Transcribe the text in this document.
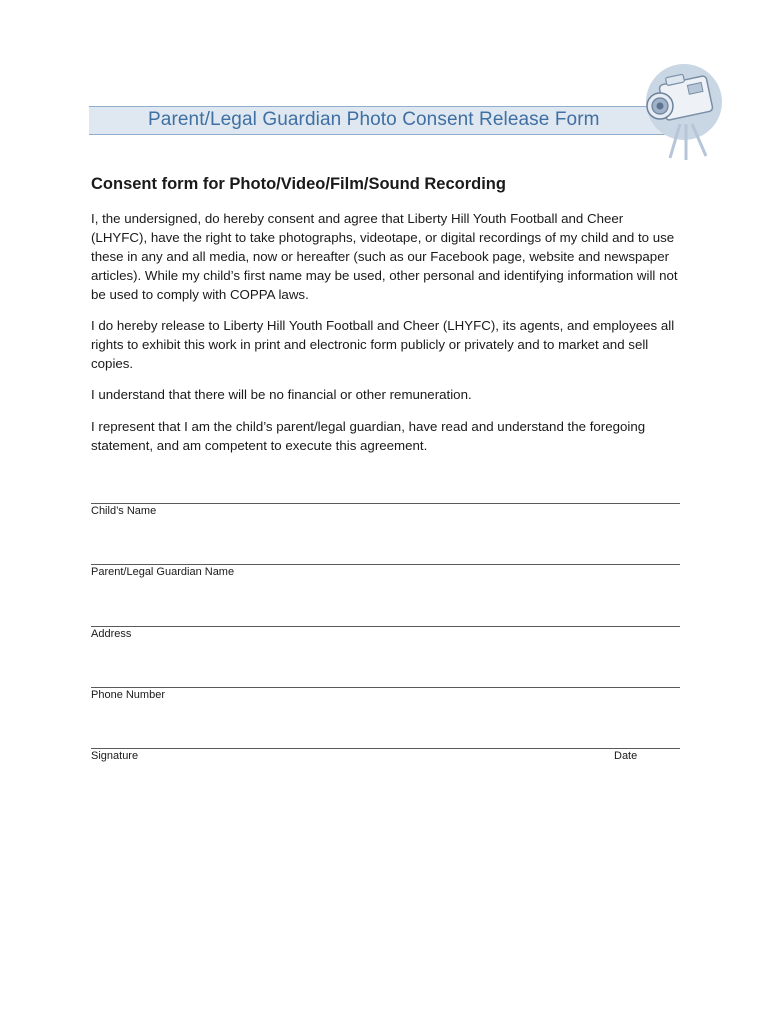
Parent/Legal Guardian Photo Consent Release Form
Consent form for Photo/Video/Film/Sound Recording

I, the undersigned, do hereby consent and agree that Liberty Hill Youth Football and Cheer (LHYFC), have the right to take photographs, videotape, or digital recordings of my child and to use these in any and all media, now or hereafter (such as our Facebook page, website and newspaper articles). While my child’s first name may be used, other personal and identifying information will not be used to comply with COPPA laws.

I do hereby release to Liberty Hill Youth Football and Cheer (LHYFC), its agents, and employees all rights to exhibit this work in print and electronic form publicly or privately and to market and sell copies.

I understand that there will be no financial or other remuneration.

I represent that I am the child’s parent/legal guardian, have read and understand the foregoing statement, and am competent to execute this agreement.

Child’s Name
Parent/Legal Guardian Name
Address
Phone Number
Signature	Date
